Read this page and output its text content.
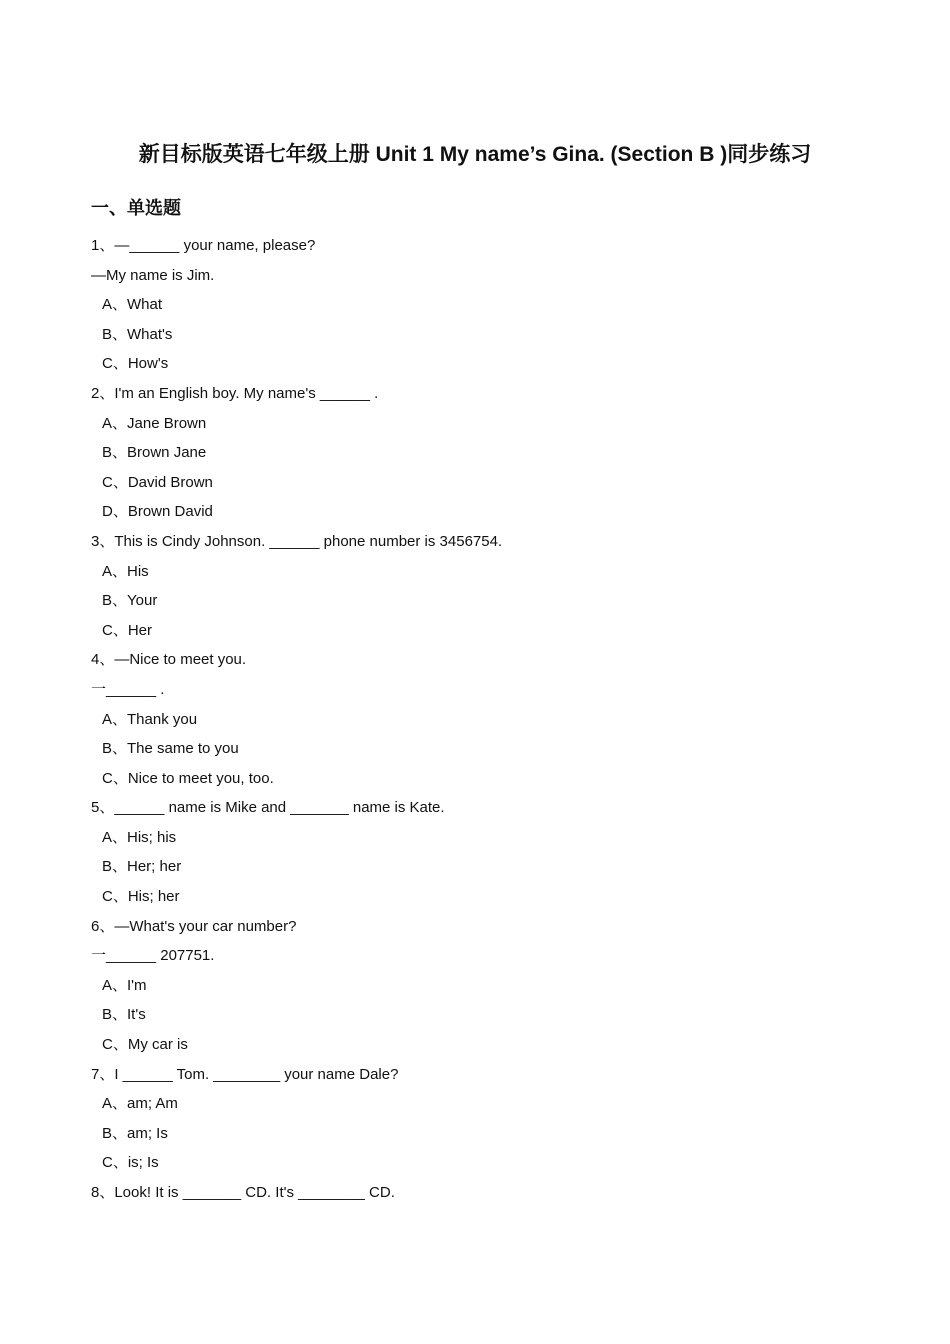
新目标版英语七年级上册 Unit 1 My name’s Gina. (Section B )同步练习
一、单选题
1、—______ your name, please?
—My name is Jim.
A、What
B、What's
C、How's
2、I'm an English boy. My name's ______ .
A、Jane Brown
B、Brown Jane
C、David Brown
D、Brown David
3、This is Cindy Johnson. ______ phone number is 3456754.
A、His
B、Your
C、Her
4、—Nice to meet you.
一______ .
A、Thank you
B、The same to you
C、Nice to meet you, too.
5、______ name is Mike and _______ name is Kate.
A、His; his
B、Her; her
C、His; her
6、—What's your car number?
一______ 207751.
A、I'm
B、It's
C、My car is
7、I ______ Tom. ________ your name Dale?
A、am; Am
B、am; Is
C、is; Is
8、Look! It is _______ CD. It's ________ CD.
